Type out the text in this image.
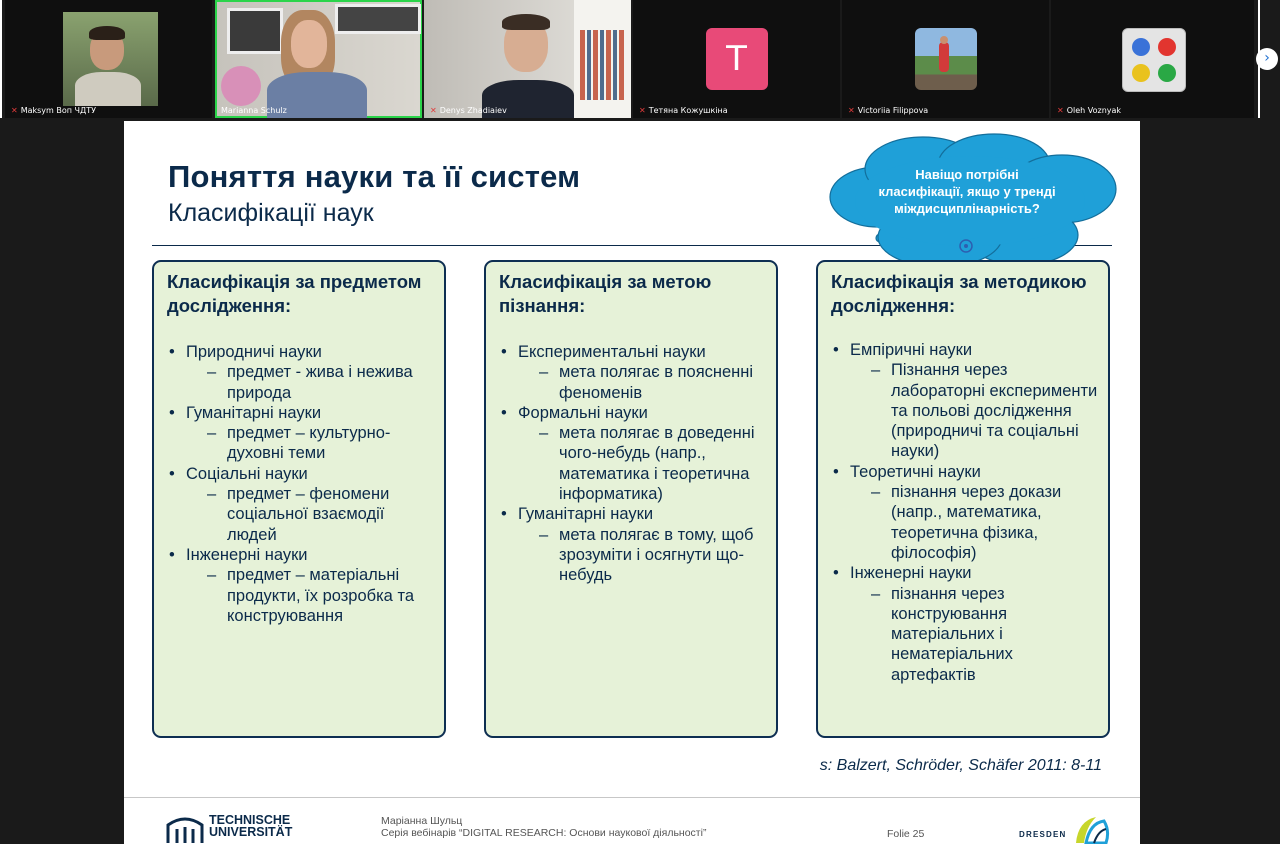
✕ Maksym Воп ЧДТУ	Marianna Schulz	✕ Denys Zhadiaiev
T
✕ Тетяна Кожушкіна	✕ Victoriia Filippova	✕ Oleh Voznyak
›
Поняття науки та її систем
Класифікації наук
Навіщо потрібні класифікації, якщо у тренді міждисциплінарність?
Класифікація за предметом дослідження:
• Природничі науки
– предмет - жива і нежива природа
• Гуманітарні науки
– предмет – культурно-духовні теми
• Соціальні науки
– предмет – феномени соціальної взаємодії людей
• Інженерні науки
– предмет – матеріальні продукти, їх розробка та конструювання
Класифікація за метою пізнання:
• Експериментальні науки
– мета полягає в поясненні феноменів
• Формальні науки
– мета полягає в доведенні чого-небудь (напр., математика і теоретична інформатика)
• Гуманітарні науки
– мета полягає в тому, щоб зрозуміти і осягнути що-небудь
Класифікація за методикою дослідження:
• Емпіричні науки
– Пізнання через лабораторні експерименти та польові дослідження (природничі та соціальні науки)
• Теоретичні науки
– пізнання через докази (напр., математика, теоретична фізика, філософія)
• Інженерні науки
– пізнання через конструювання матеріальних і нематеріальних артефактів
s: Balzert, Schröder, Schäfer 2011: 8-11
TECHNISCHE
UNIVERSITÄT
Маріанна Шульц
Серія вебінарів “DIGITAL RESEARCH: Основи наукової діяльності”	Folie 25	DRESDEN
